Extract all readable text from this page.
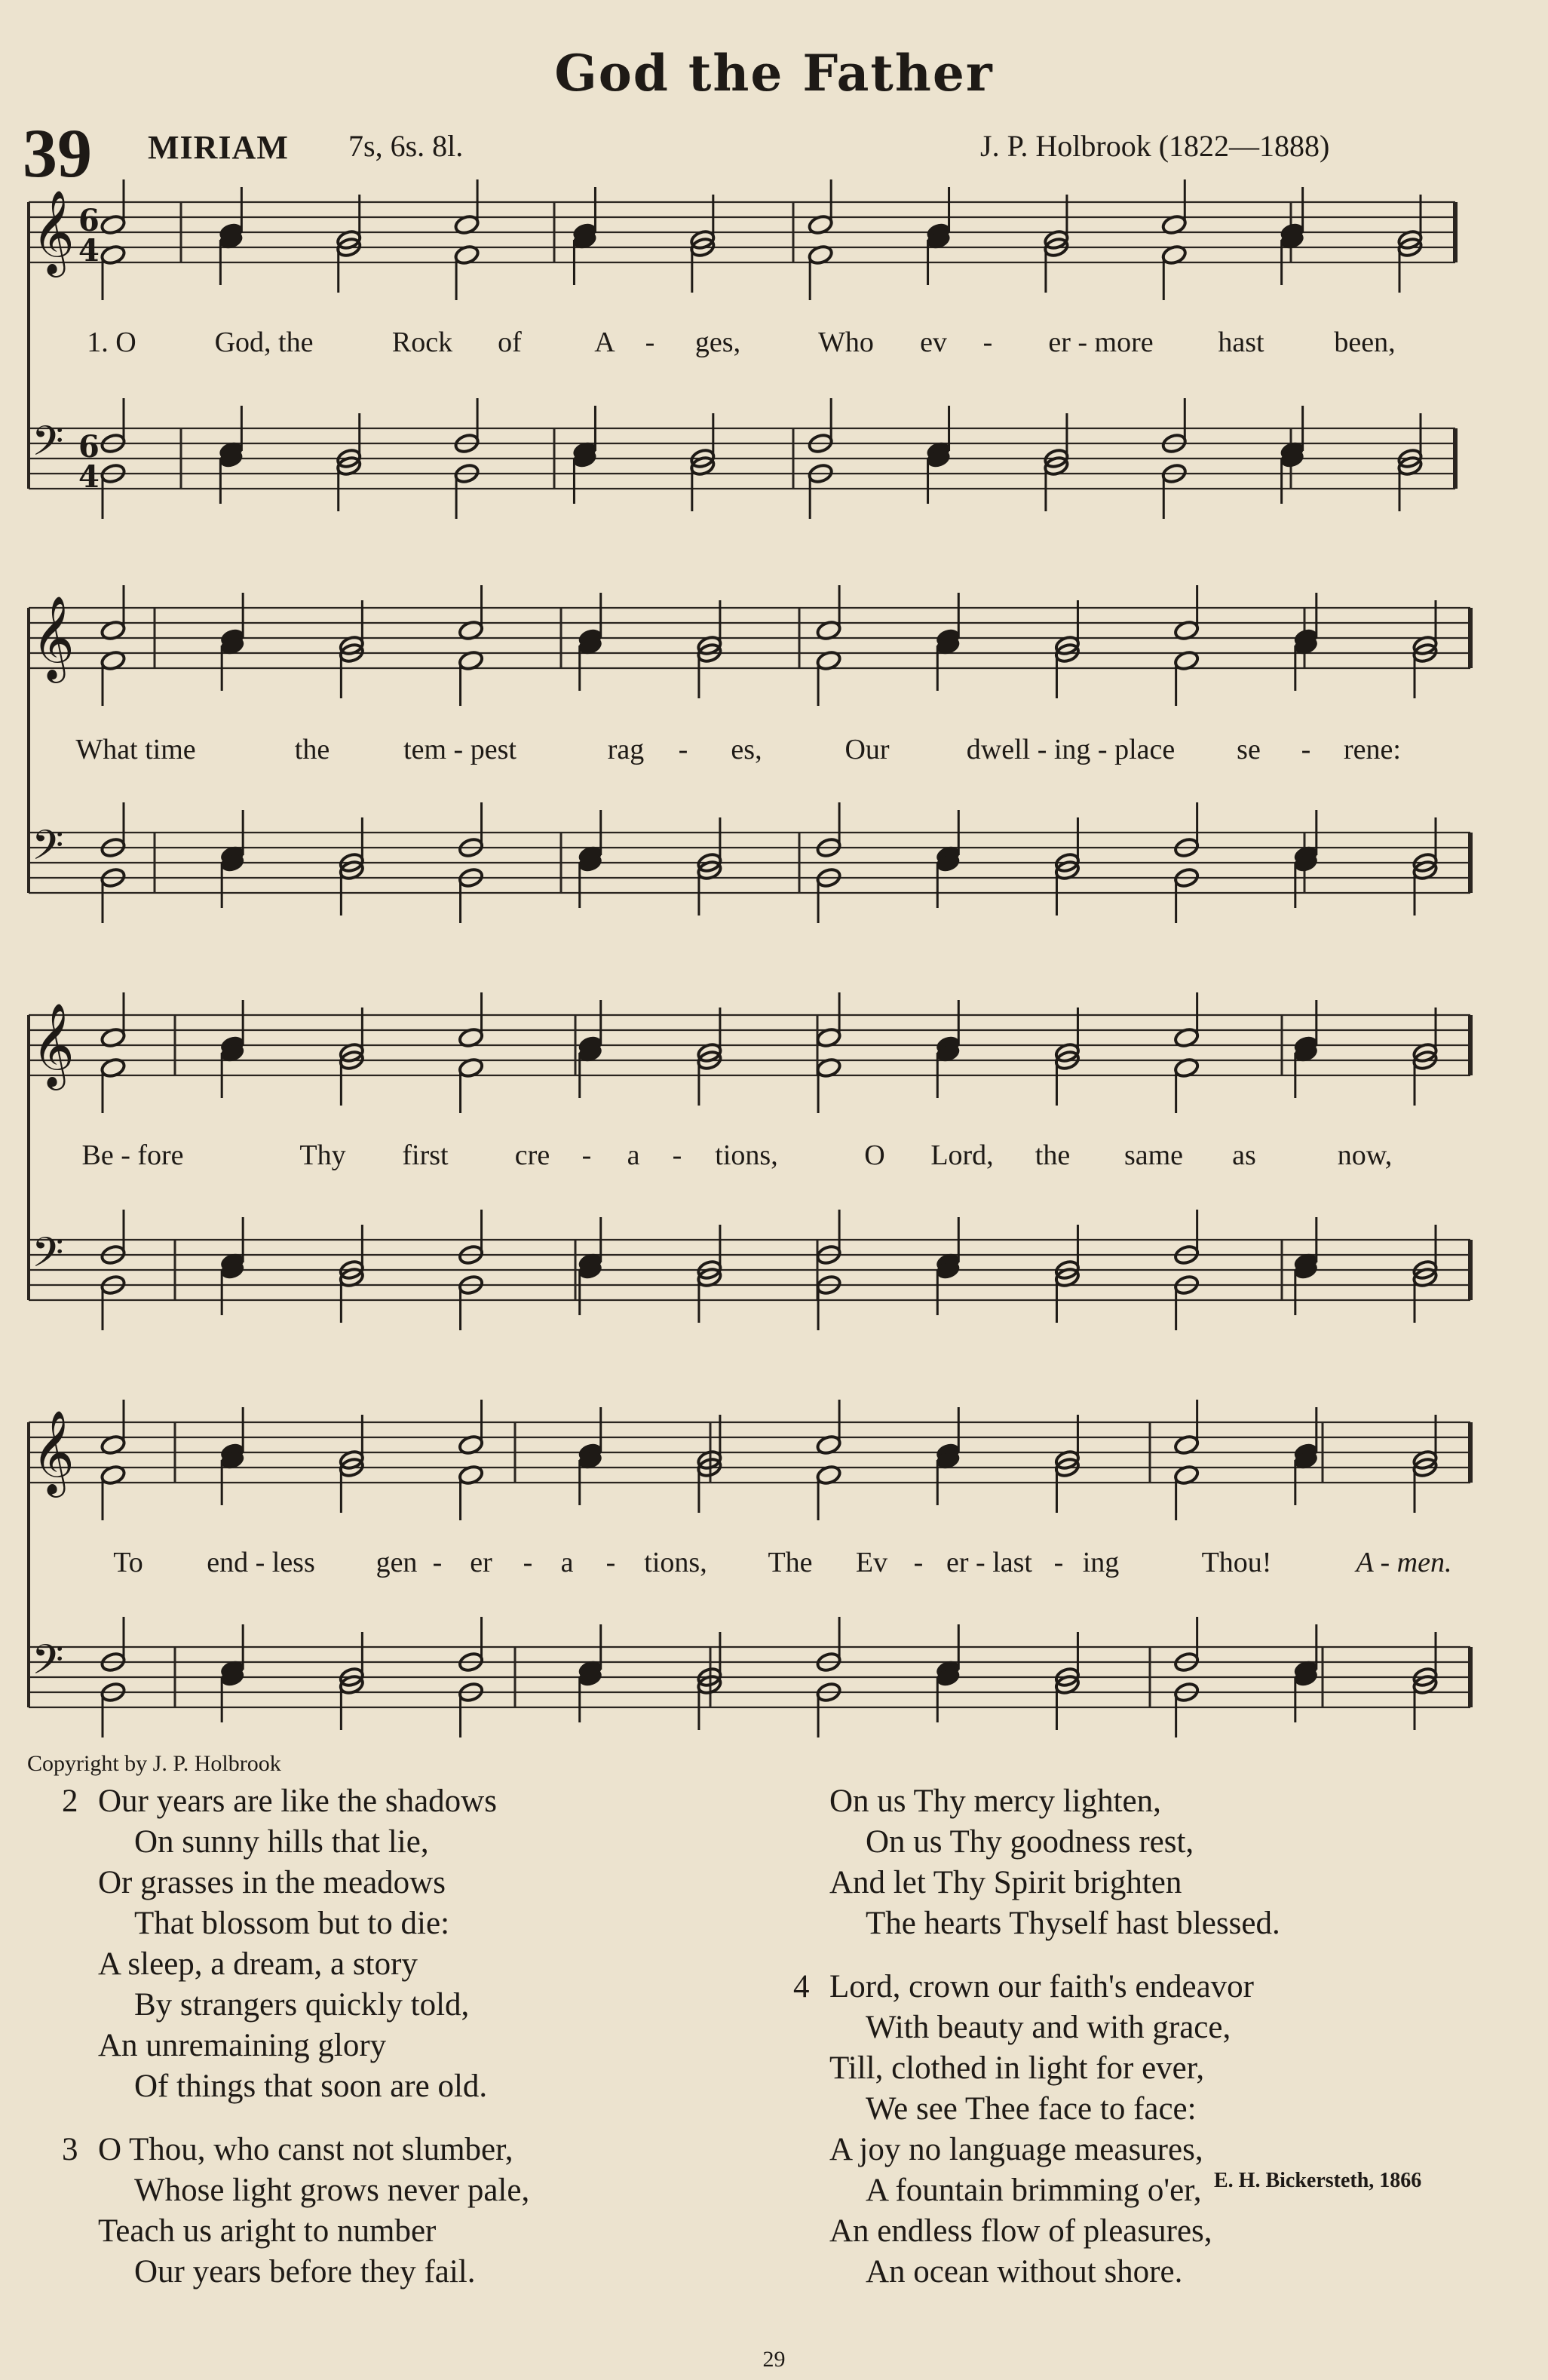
God the Father
39 MIRIAM 7s, 6s. 8l.	J. P. Holbrook (1822—1888)
𝄞
𝄢
6
4
6
4
𝄞
𝄢
𝄞
𝄢
𝄞
𝄢
1. O	God, the	Rock of	A - ges,	Who ev - er - more hast been,
What time	the	tem - pest	rag - es,	Our	dwell - ing - place se - rene:
Be - fore	Thy first cre - a - tions,	O Lord, the same as	now,
To end - less gen - er - a - tions, The Ev - er - last - ing	Thou!	A - men.
Copyright by J. P. Holbrook
2 Our years are like the shadows
On sunny hills that lie,
Or grasses in the meadows
That blossom but to die:
A sleep, a dream, a story
By strangers quickly told,
An unremaining glory
Of things that soon are old.
3 O Thou, who canst not slumber,
Whose light grows never pale,
Teach us aright to number
Our years before they fail.
On us Thy mercy lighten,
On us Thy goodness rest,
And let Thy Spirit brighten
The hearts Thyself hast blessed.
4 Lord, crown our faith's endeavor
With beauty and with grace,
Till, clothed in light for ever,
We see Thee face to face:
A joy no language measures,
A fountain brimming o'er,
An endless flow of pleasures,
An ocean without shore.
E. H. Bickersteth, 1866
29
